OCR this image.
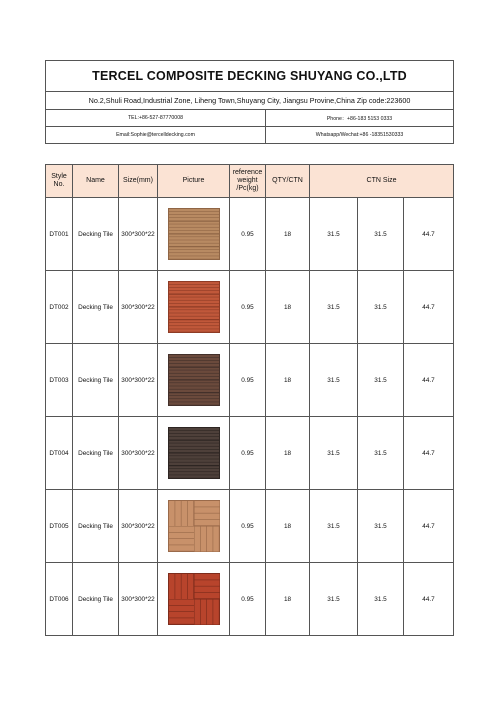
TERCEL COMPOSITE DECKING SHUYANG CO.,LTD								
No.2,Shuli Road,Industrial Zone, Liheng Town,Shuyang City, Jiangsu Provine,China Zip code:223600								
TEL:+86-527-87770008					Phone：+86-183 5153 0333			
Email:Sophie@tercelldecking.com					Whatsapp/Wechat:+86 -18351530333			

Style No.	Name	Size(mm)	Picture	reference weight /Pc(kg)	QTY/CTN	CTN Size		
DT001	Decking Tile	300*300*22		0.95	18	31.5	31.5	44.7
DT002	Decking Tile	300*300*22		0.95	18	31.5	31.5	44.7
DT003	Decking Tile	300*300*22		0.95	18	31.5	31.5	44.7
DT004	Decking Tile	300*300*22		0.95	18	31.5	31.5	44.7
DT005	Decking Tile	300*300*22		0.95	18	31.5	31.5	44.7
DT006	Decking Tile	300*300*22		0.95	18	31.5	31.5	44.7
